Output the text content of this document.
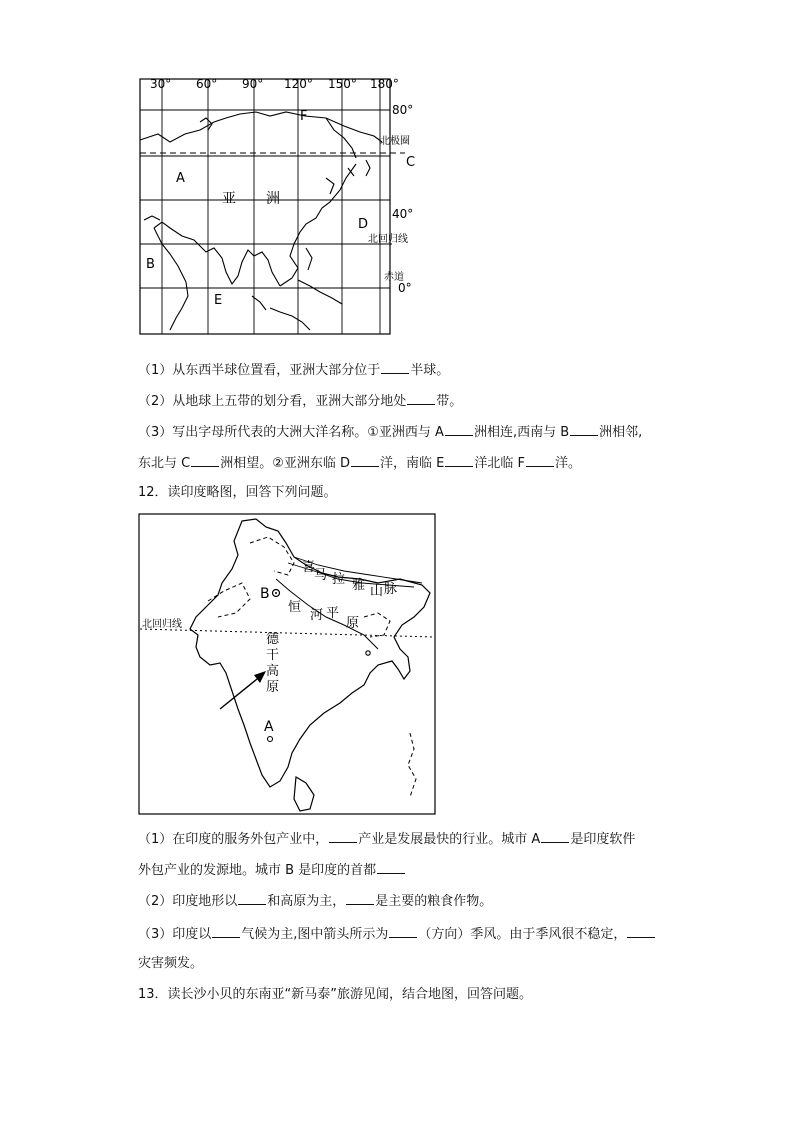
30° 60° 90° 120° 150° 180°
80°
40°
0°
北极圈
北回归线
赤道
A
B
C
D
E
F
亚 洲
（1）从东西半球位置看，亚洲大部分位于 半球。
（2）从地球上五带的划分看，亚洲大部分地处 带。
（3）写出字母所代表的大洲大洋名称。①亚洲西与 A 洲相连,西南与 B 洲相邻,
东北与 C 洲相望。②亚洲东临 D 洋，南临 E 洋北临 F 洋。
12．读印度略图，回答下列问题。
B
A
喜
马 拉 雅 山 脉
恒
河 平
原
北回归线
德
干
高
原
（1）在印度的服务外包产业中， 产业是发展最快的行业。城市 A 是印度软件
外包产业的发源地。城市 B 是印度的首都
（2）印度地形以 和高原为主， 是主要的粮食作物。
（3）印度以 气候为主,图中箭头所示为 （方向）季风。由于季风很不稳定，
灾害频发。
13．读长沙小贝的东南亚“新马泰”旅游见闻，结合地图，回答问题。
